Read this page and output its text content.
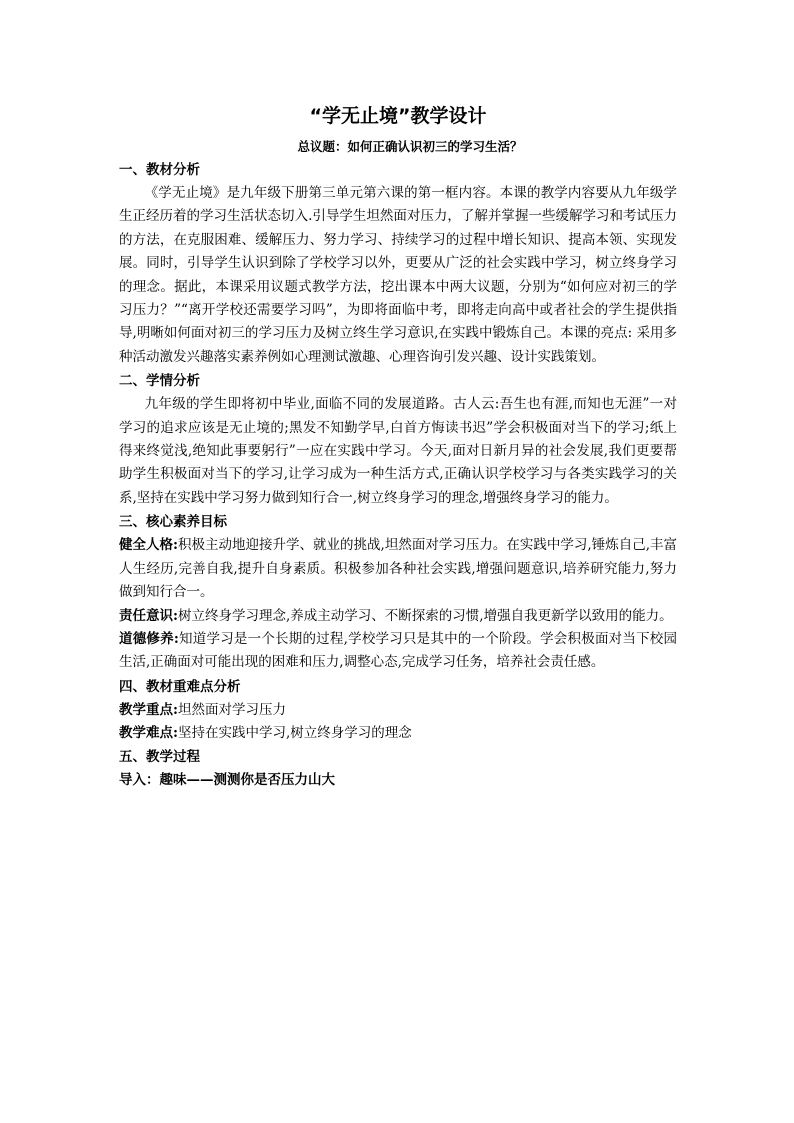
“学无止境”教学设计
总议题：如何正确认识初三的学习生活？
一、教材分析

《学无止境》是九年级下册第三单元第六课的第一框内容。本课的教学内容要从九年级学生正经历着的学习生活状态切入.引导学生坦然面对压力，了解并掌握一些缓解学习和考试压力的方法，在克服困难、缓解压力、努力学习、持续学习的过程中增长知识、提高本领、实现发展。同时，引导学生认识到除了学校学习以外，更要从广泛的社会实践中学习，树立终身学习的理念。据此，本课采用议题式教学方法，挖出课本中两大议题，分别为“如何应对初三的学习压力？”“离开学校还需要学习吗”，为即将面临中考，即将走向高中或者社会的学生提供指导,明晰如何面对初三的学习压力及树立终生学习意识,在实践中锻炼自己。本课的亮点: 采用多种活动激发兴趣落实素养例如心理测试激趣、心理咨询引发兴趣、设计实践策划。

二、学情分析

九年级的学生即将初中毕业,面临不同的发展道路。古人云:吾生也有涯,而知也无涯”一对学习的追求应该是无止境的;黑发不知勤学早,白首方悔读书迟”学会积极面对当下的学习;纸上得来终觉浅,绝知此事要躬行”一应在实践中学习。今天,面对日新月异的社会发展,我们更要帮助学生积极面对当下的学习,让学习成为一种生活方式,正确认识学校学习与各类实践学习的关系,坚持在实践中学习努力做到知行合一,树立终身学习的理念,增强终身学习的能力。

三、核心素养目标

健全人格:积极主动地迎接升学、就业的挑战,坦然面对学习压力。在实践中学习,锤炼自己,丰富人生经历,完善自我,提升自身素质。积极参加各种社会实践,增强问题意识,培养研究能力,努力做到知行合一。

责任意识:树立终身学习理念,养成主动学习、不断探索的习惯,增强自我更新学以致用的能力。

道德修养:知道学习是一个长期的过程,学校学习只是其中的一个阶段。学会积极面对当下校园生活,正确面对可能出现的困难和压力,调整心态,完成学习任务，培养社会责任感。

四、教材重难点分析

教学重点:坦然面对学习压力

教学难点:坚持在实践中学习,树立终身学习的理念

五、教学过程

导入：趣味——测测你是否压力山大
